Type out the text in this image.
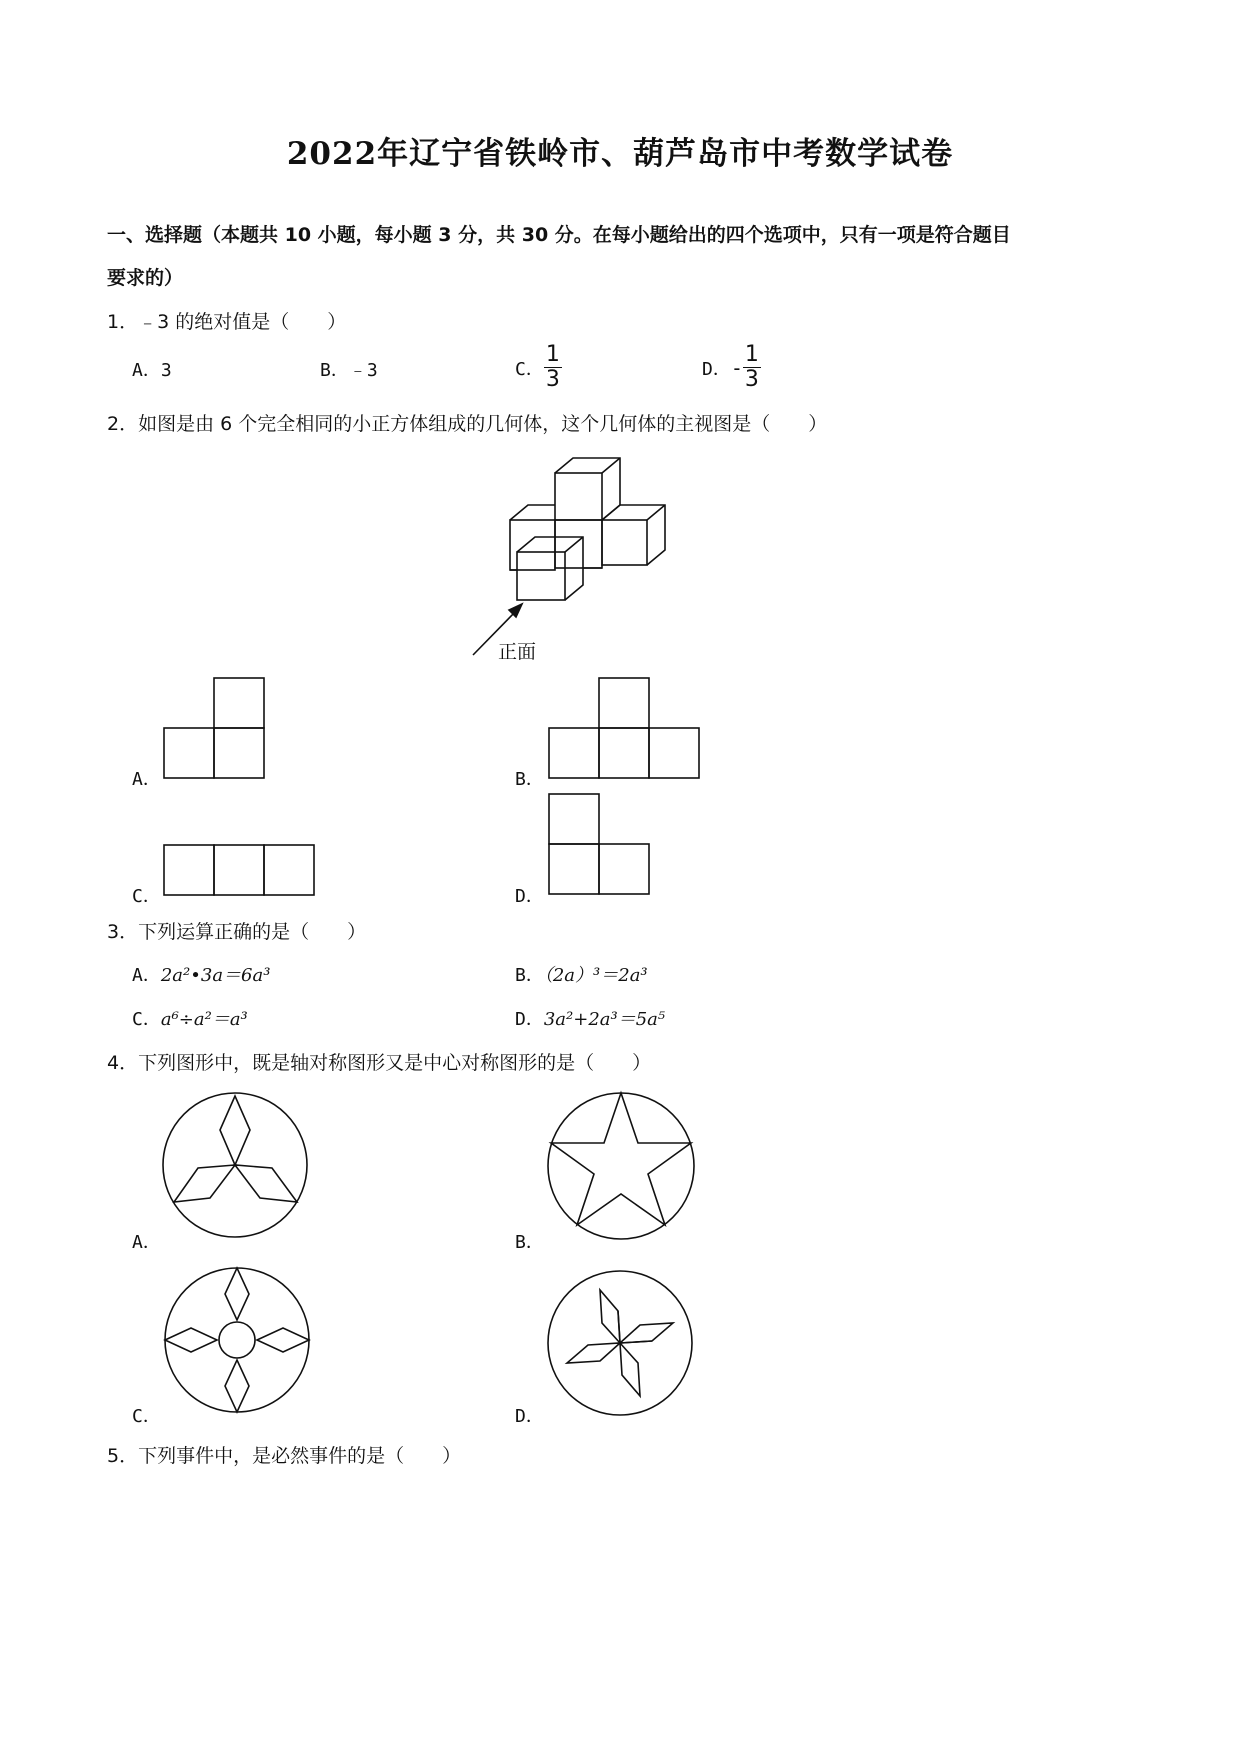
2022年辽宁省铁岭市、葫芦岛市中考数学试卷
一、选择题（本题共 10 小题，每小题 3 分，共 30 分。在每小题给出的四个选项中，只有一项是符合题目
要求的）
1．﹣3 的绝对值是（　　）
A．3	B．﹣3	C． $\frac{1}{3}$	D． - $\frac{1}{3}$
2．如图是由 6 个完全相同的小正方体组成的几何体，这个几何体的主视图是（　　）
正面
A．	B．
C．	D．
3．下列运算正确的是（　　）
A．2a²•3a＝6a³	B．（2a）³＝2a³
C．a⁶÷a²＝a³	D．3a²+2a³＝5a⁵
4．下列图形中，既是轴对称图形又是中心对称图形的是（　　）
A．	B．
C．	D．
5．下列事件中，是必然事件的是（　　）
